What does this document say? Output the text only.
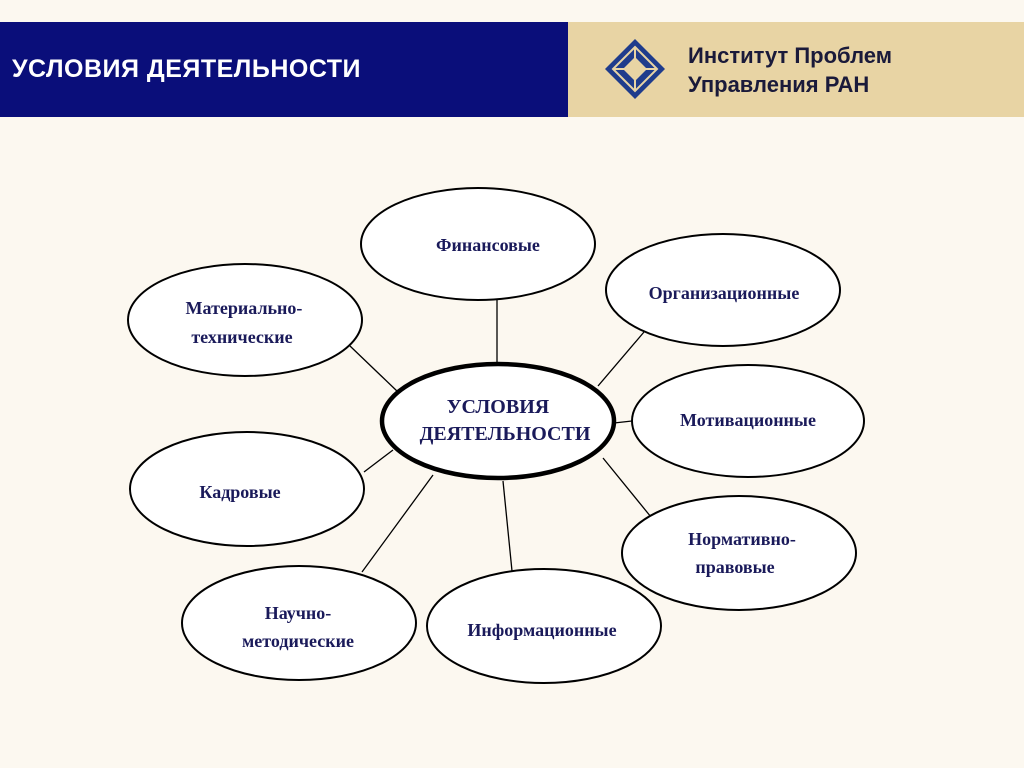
УСЛОВИЯ ДЕЯТЕЛЬНОСТИ	Институт Проблем
Управления РАН
УСЛОВИЯ
ДЕЯТЕЛЬНОСТИ
Финансовые
Материально-
технические
Организационные
Мотивационные
Кадровые
Нормативно-
правовые
Научно-
методические
Информационные
